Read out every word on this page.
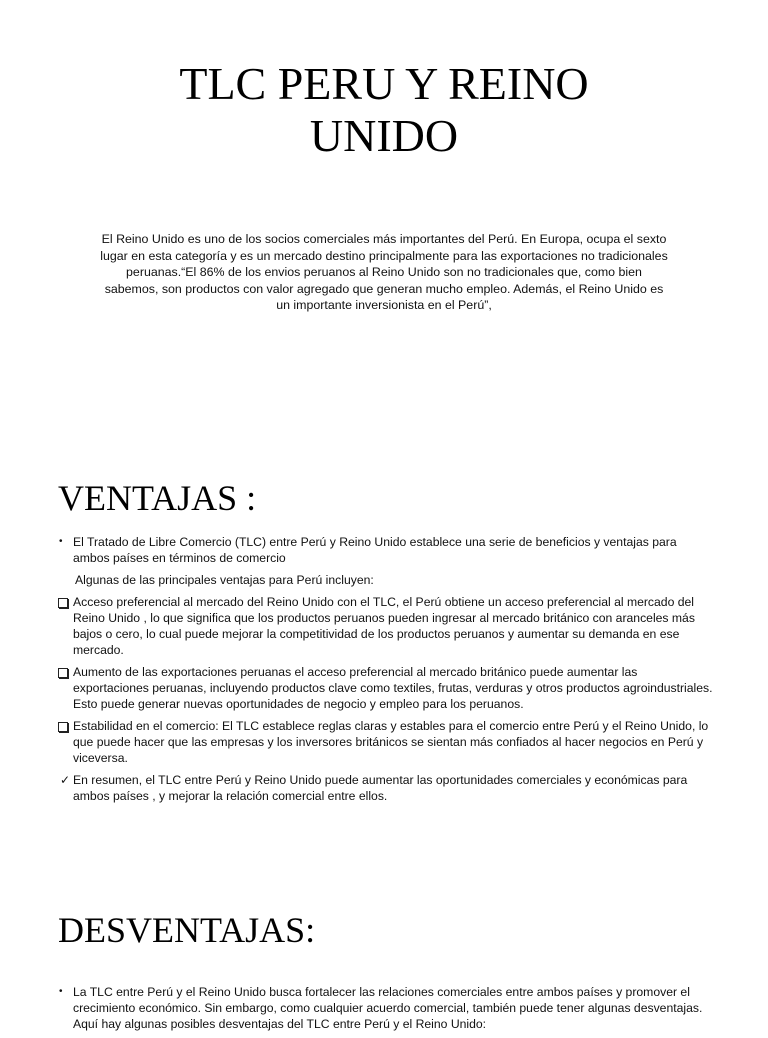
TLC PERU Y REINO
UNIDO

El Reino Unido es uno de los socios comerciales más importantes del Perú. En Europa, ocupa el sexto lugar en esta categoría y es un mercado destino principalmente para las exportaciones no tradicionales peruanas.“El 86% de los envios peruanos al Reino Unido son no tradicionales que, como bien sabemos, son productos con valor agregado que generan mucho empleo. Además, el Reino Unido es un importante inversionista en el Perú”,

VENTAJAS :
• El Tratado de Libre Comercio (TLC) entre Perú y Reino Unido establece una serie de beneficios y ventajas para ambos países en términos de comercio
Algunas de las principales ventajas para Perú incluyen:
Acceso preferencial al mercado del Reino Unido con el TLC, el Perú obtiene un acceso preferencial al mercado del Reino Unido , lo que significa que los productos peruanos pueden ingresar al mercado británico con aranceles más bajos o cero, lo cual puede mejorar la competitividad de los productos peruanos y aumentar su demanda en ese mercado.
Aumento de las exportaciones peruanas el acceso preferencial al mercado británico puede aumentar las exportaciones peruanas, incluyendo productos clave como textiles, frutas, verduras y otros productos agroindustriales. Esto puede generar nuevas oportunidades de negocio y empleo para los peruanos.
Estabilidad en el comercio: El TLC establece reglas claras y estables para el comercio entre Perú y el Reino Unido, lo que puede hacer que las empresas y los inversores británicos se sientan más confiados al hacer negocios en Perú y viceversa.
✓ En resumen, el TLC entre Perú y Reino Unido puede aumentar las oportunidades comerciales y económicas para ambos países , y mejorar la relación comercial entre ellos.
DESVENTAJAS:
• La TLC entre Perú y el Reino Unido busca fortalecer las relaciones comerciales entre ambos países y promover el crecimiento económico. Sin embargo, como cualquier acuerdo comercial, también puede tener algunas desventajas. Aquí hay algunas posibles desventajas del TLC entre Perú y el Reino Unido:
